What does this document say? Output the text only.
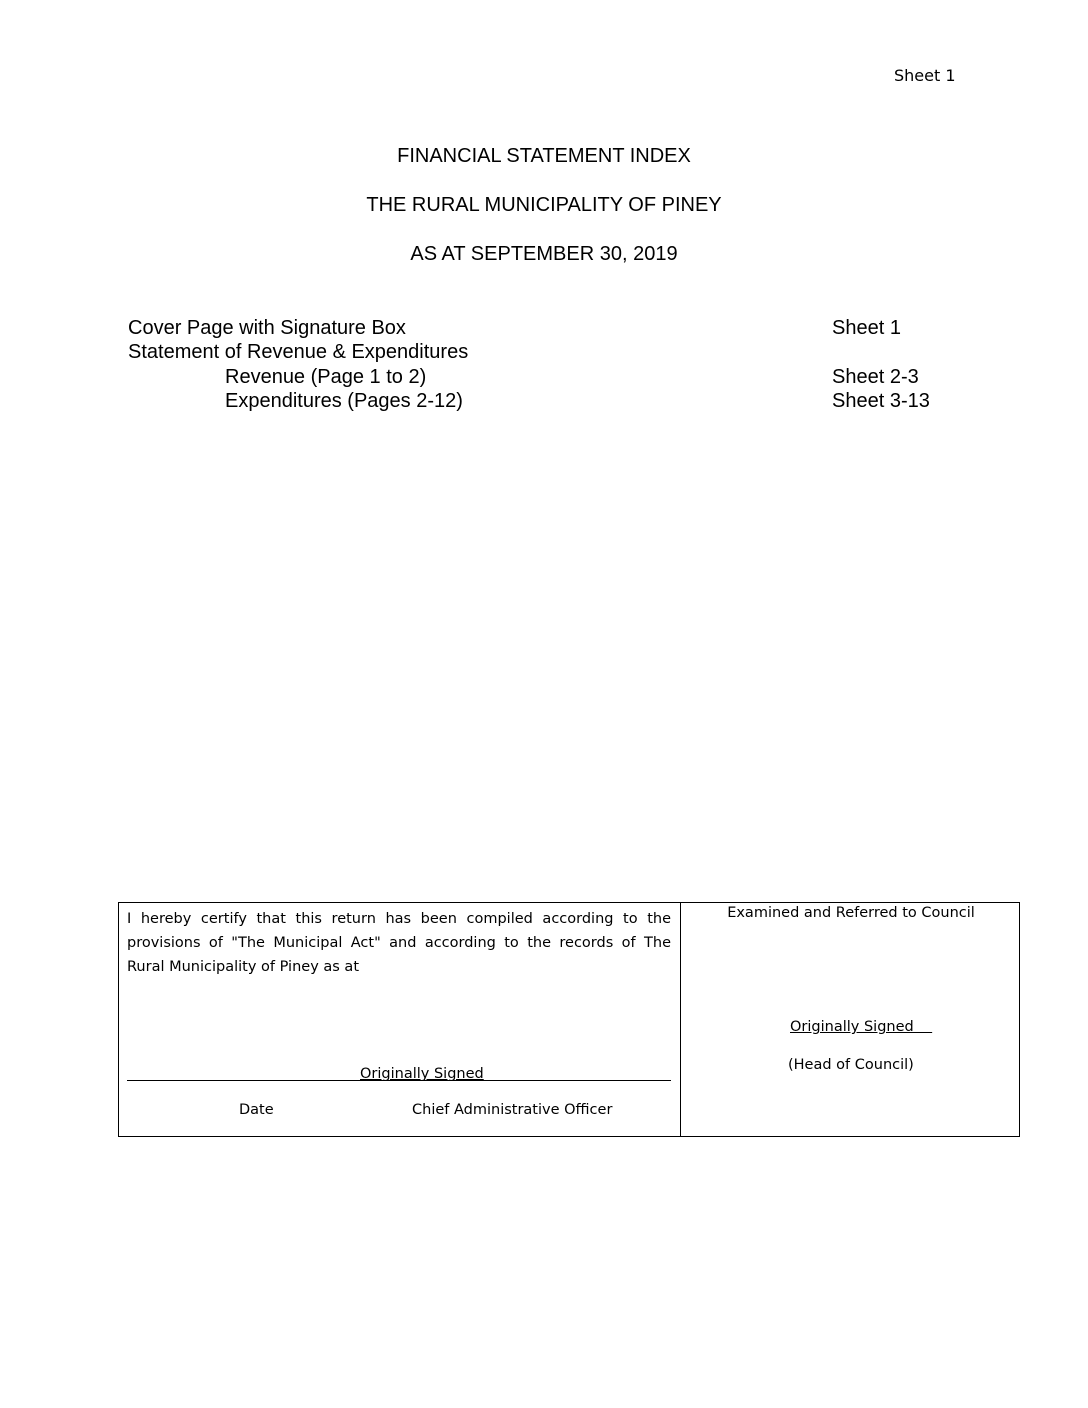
Sheet 1
FINANCIAL STATEMENT INDEX
THE RURAL MUNICIPALITY OF PINEY
AS AT SEPTEMBER 30, 2019
Cover Page with Signature Box	Sheet 1
Statement of Revenue & Expenditures
Revenue (Page 1 to 2)	Sheet 2-3
Expenditures (Pages 2-12)	Sheet 3-13
I hereby certify that this return has been compiled according to the provisions of "The Municipal Act" and according to the records of The Rural Municipality of Piney as at
Originally Signed
Date	Chief Administrative Officer
Examined and Referred to Council
Originally Signed
(Head of Council)
